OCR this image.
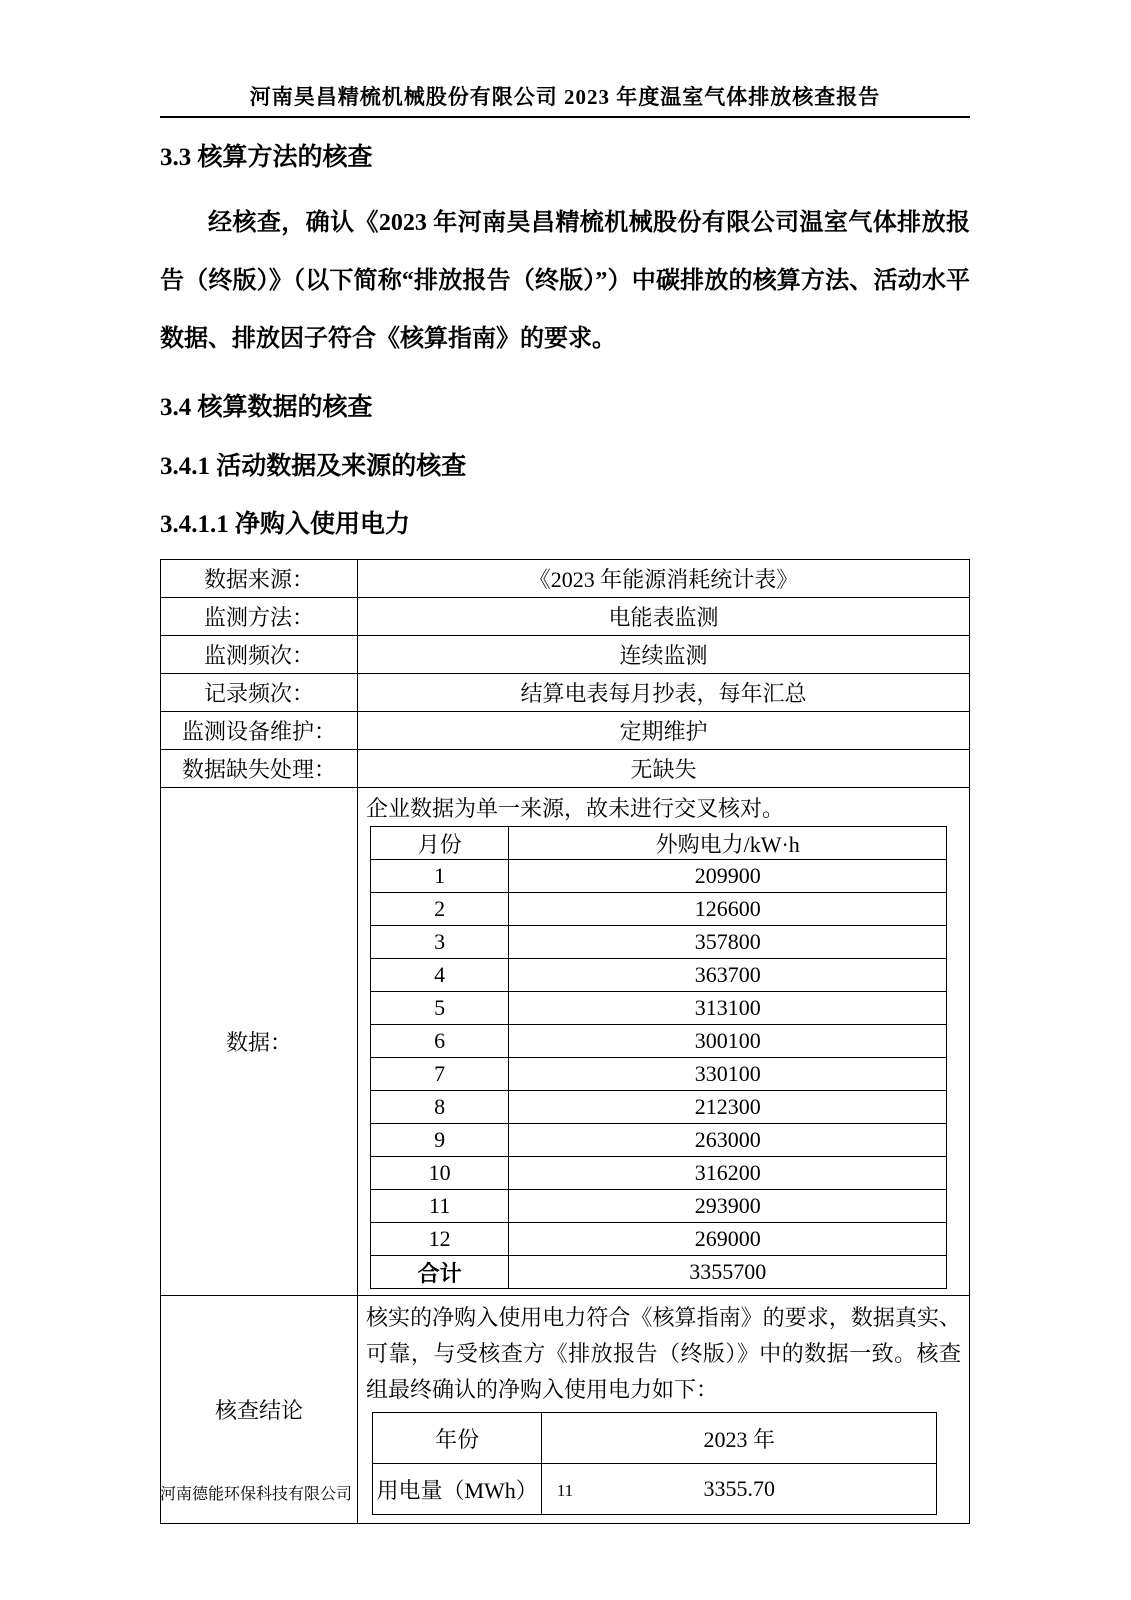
河南昊昌精梳机械股份有限公司 2023 年度温室气体排放核查报告
3.3 核算方法的核查

经核查，确认《2023 年河南昊昌精梳机械股份有限公司温室气体排放报告（终版）》（以下简称“排放报告（终版）”）中碳排放的核算方法、活动水平数据、排放因子符合《核算指南》的要求。

3.4 核算数据的核查
3.4.1 活动数据及来源的核查
3.4.1.1 净购入使用电力
数据来源：	《2023 年能源消耗统计表》
监测方法：	电能表监测
监测频次：	连续监测
记录频次：	结算电表每月抄表，每年汇总
监测设备维护：	定期维护
数据缺失处理：	无缺失
数据：	
企业数据为单一来源，故未进行交叉核对。
月份	外购电力/kW·h
1	209900
2	126600
3	357800
4	363700
5	313100
6	300100
7	330100
8	212300
9	263000
10	316200
11	293900
12	269000
合计	3355700

核查结论	
核实的净购入使用电力符合《核算指南》的要求，数据真实、可靠，与受核查方《排放报告（终版）》中的数据一致。核查组最终确认的净购入使用电力如下：
年份	2023 年
用电量（MWh）	3355.70
11
河南德能环保科技有限公司
